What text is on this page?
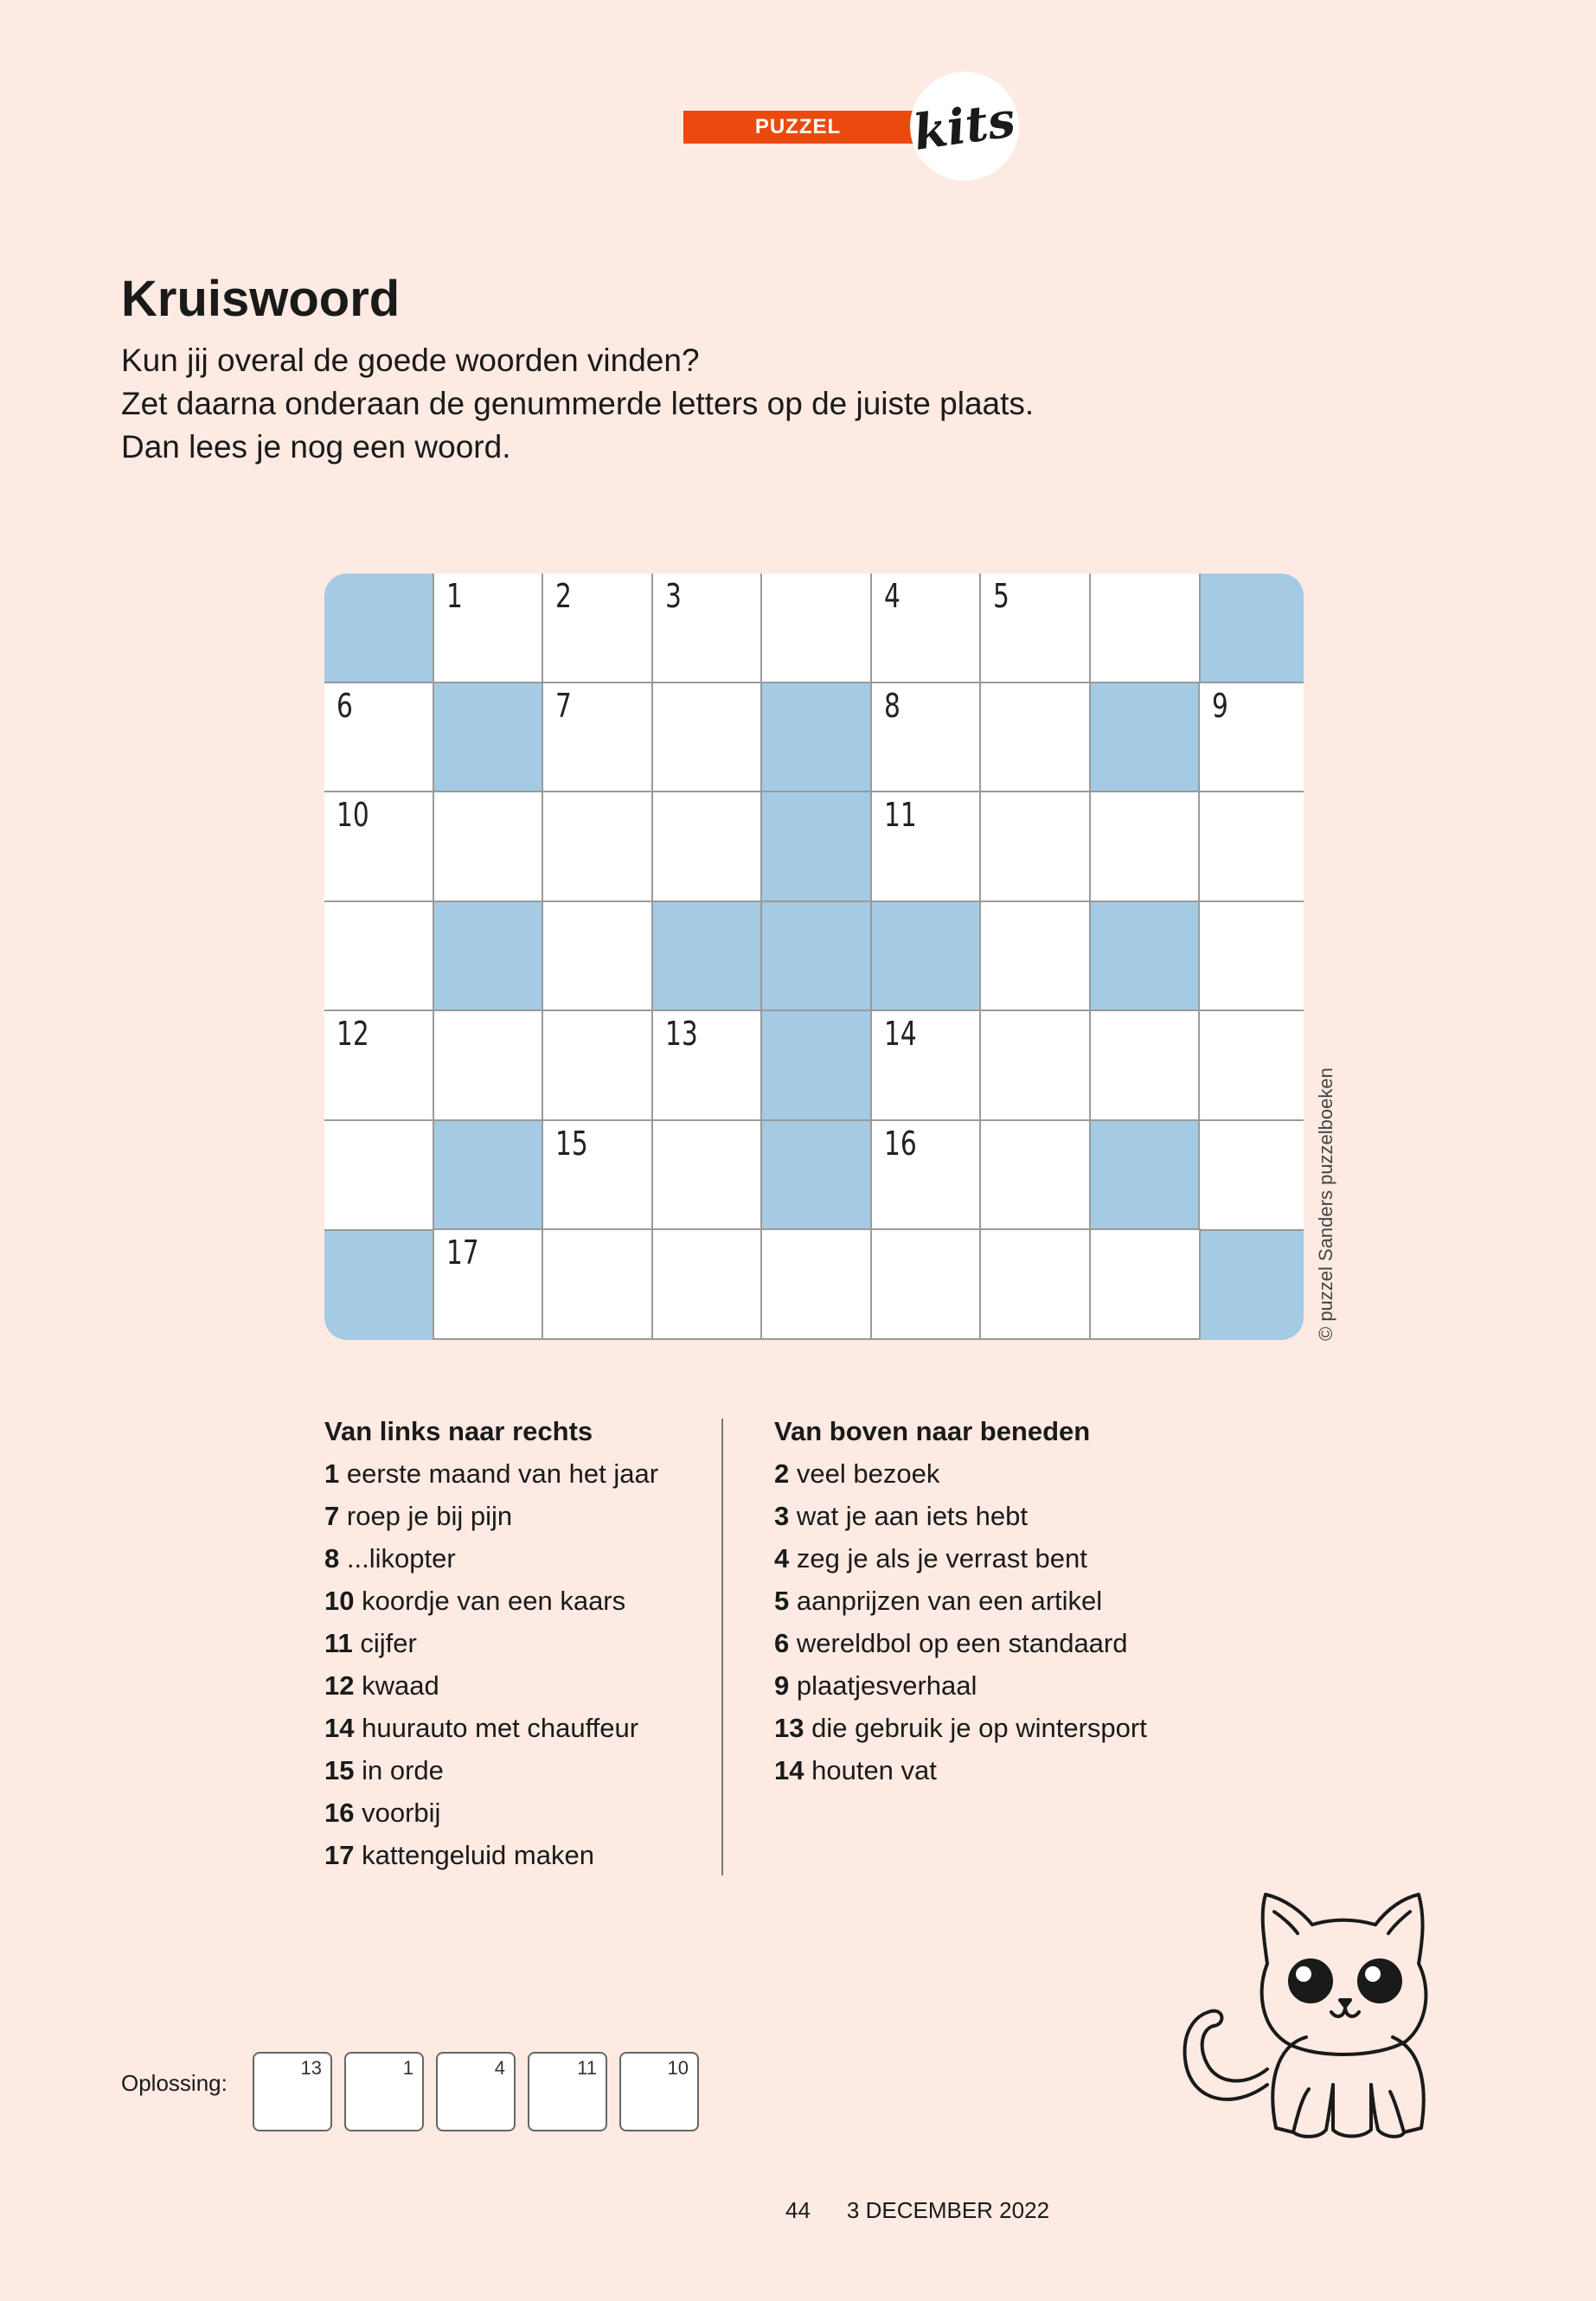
PUZZEL	kits
Kruiswoord
Kun jij overal de goede woorden vinden?
Zet daarna onderaan de genummerde letters op de juiste plaats.
Dan lees je nog een woord.
1	2	3	4	5
6	7	8	9
10	11
12	13	14
15	16
17	© puzzel Sanders puzzelboeken
Van links naar rechts
1 eerste maand van het jaar
7 roep je bij pijn
8 ...likopter
10 koordje van een kaars
11 cijfer
12 kwaad
14 huurauto met chauffeur
15 in orde
16 voorbij
17 kattengeluid maken
Van boven naar beneden
2 veel bezoek
3 wat je aan iets hebt
4 zeg je als je verrast bent
5 aanprijzen van een artikel
6 wereldbol op een standaard
9 plaatjesverhaal
13 die gebruik je op wintersport
14 houten vat
Oplossing:
13	1	4	11	10
44 3 DECEMBER 2022
